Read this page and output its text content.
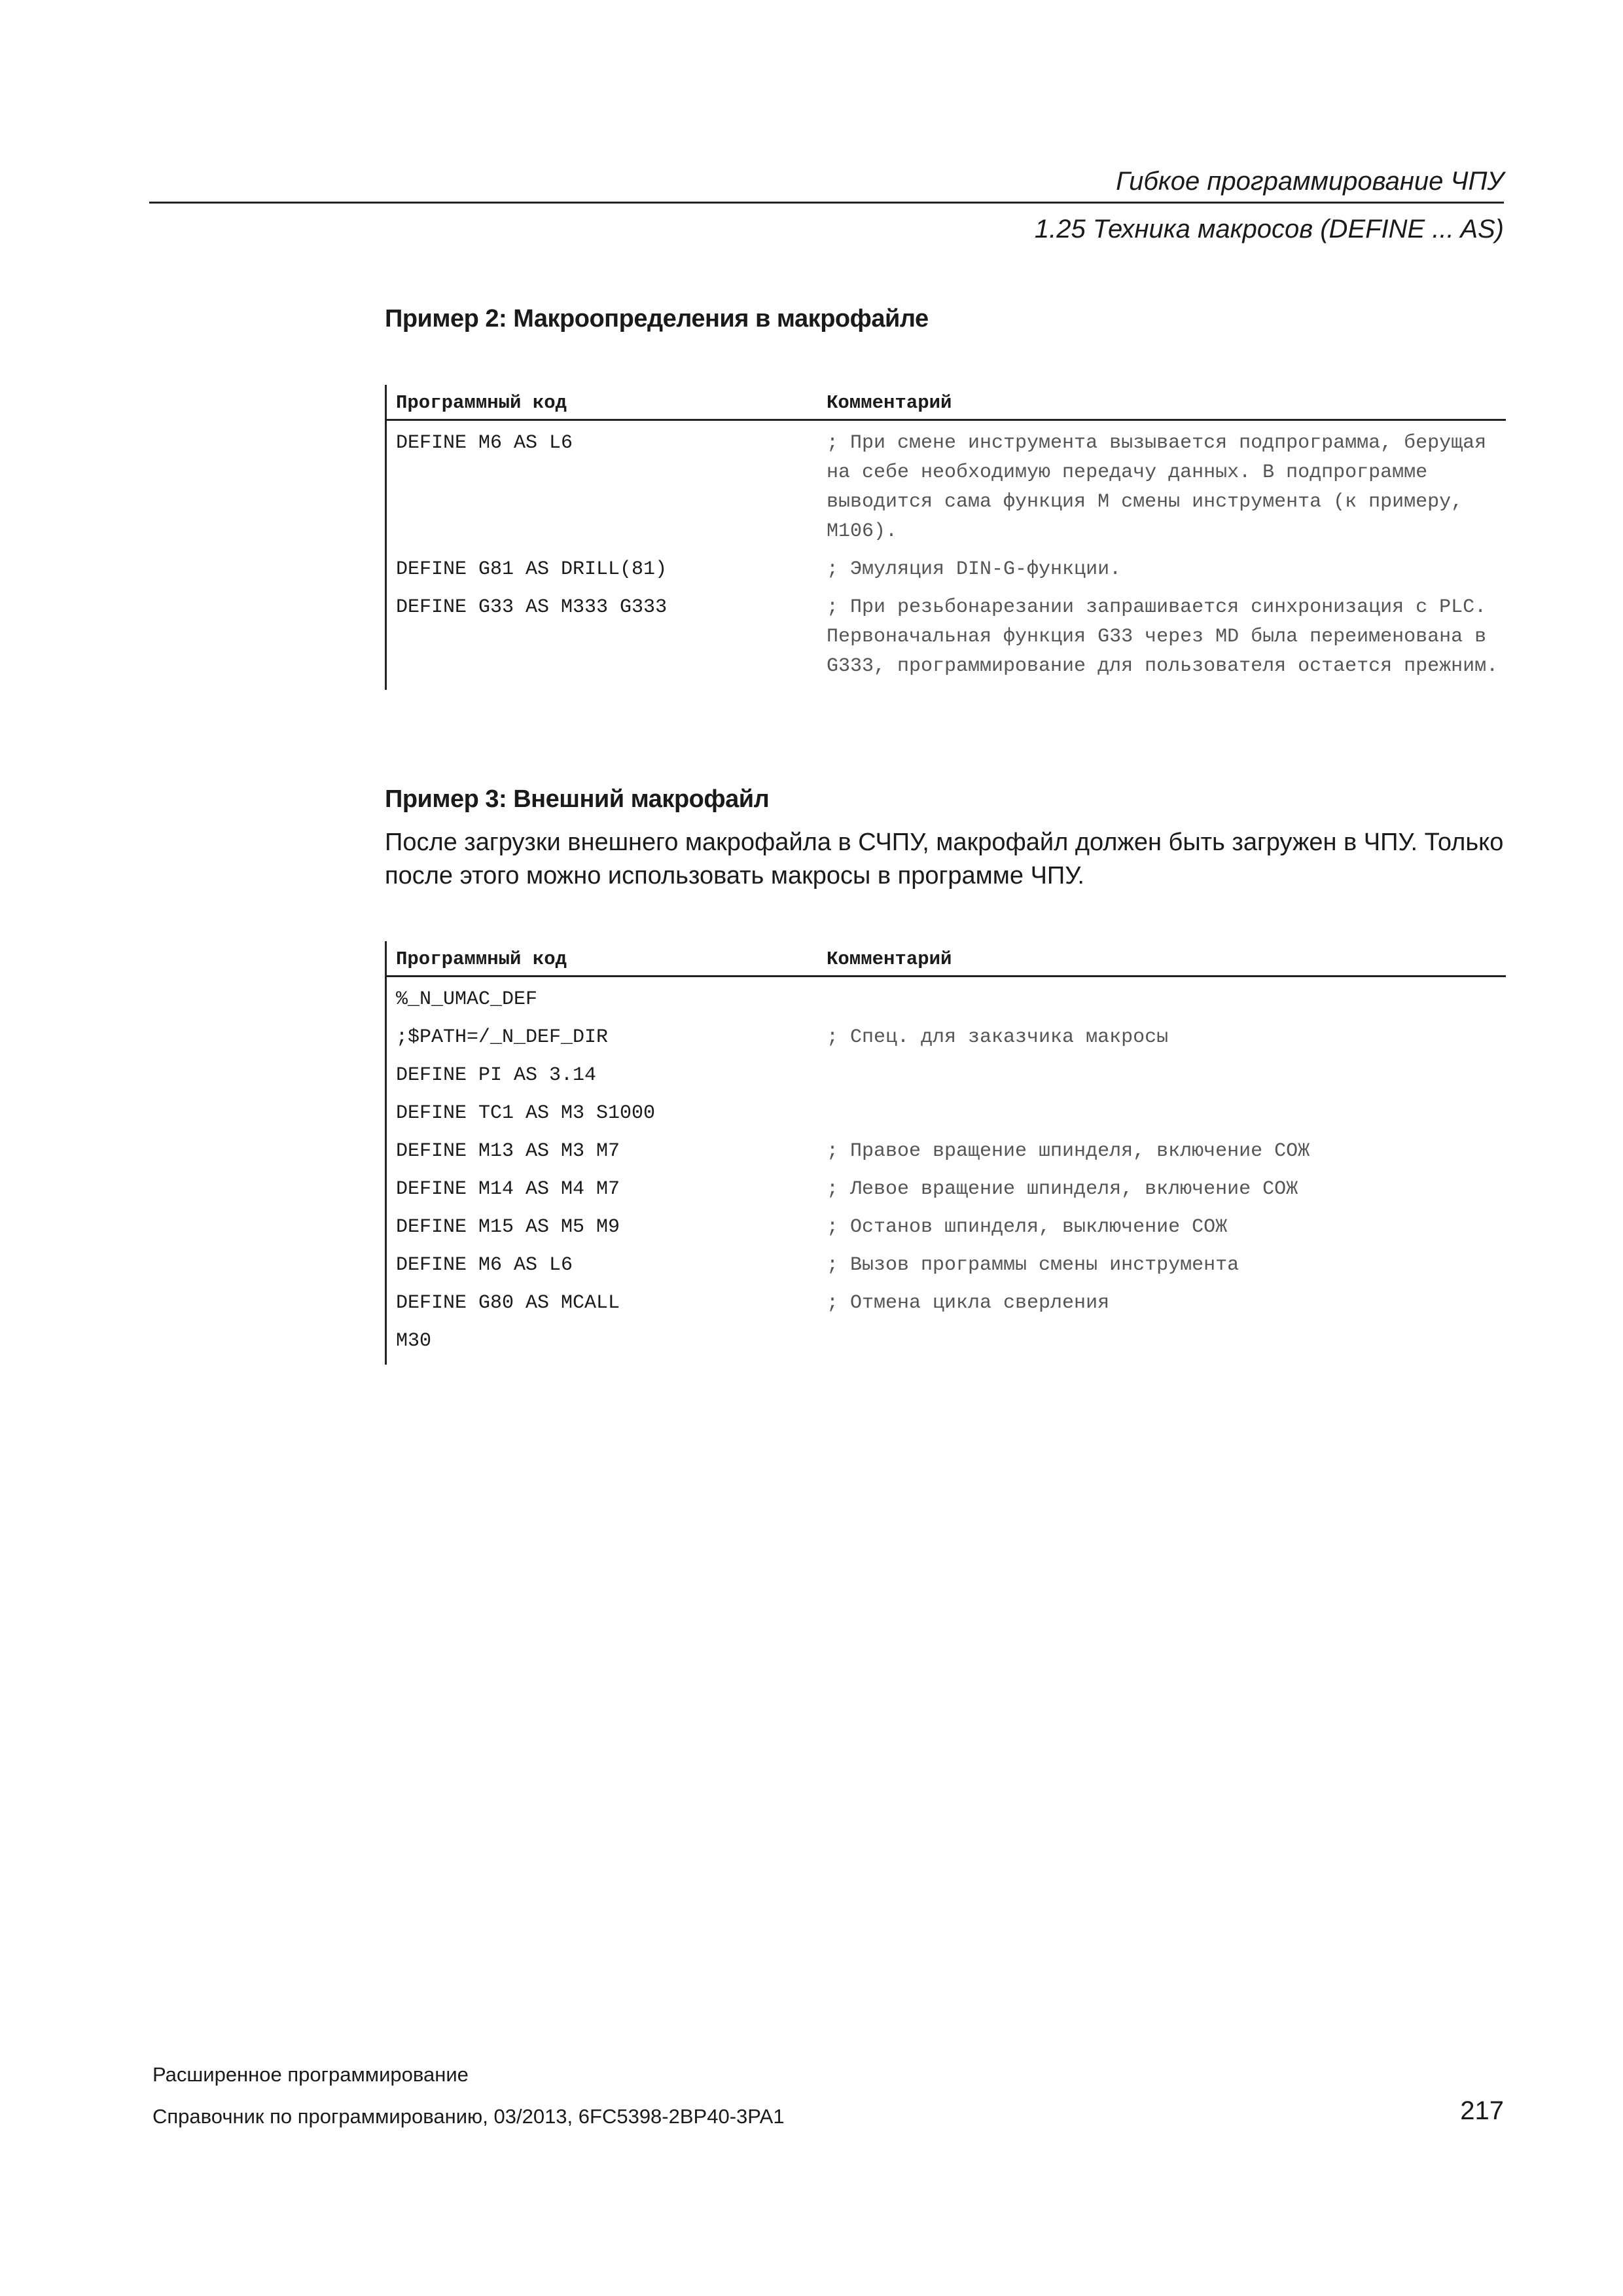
Гибкое программирование ЧПУ
1.25 Техника макросов (DEFINE ... AS)
Пример 2: Макроопределения в макрофайле
Программный код	Комментарий
DEFINE M6 AS L6	; При смене инструмента вызывается подпрограмма, берущая на себе необходимую передачу данных. В подпрограмме выводится сама функция M смены инструмента (к примеру, M106).
DEFINE G81 AS DRILL(81)	; Эмуляция DIN-G-функции.
DEFINE G33 AS M333 G333	; При резьбонарезании запрашивается синхронизация с PLC. Первоначальная функция G33 через MD была переименована в G333, программирование для пользователя остается прежним.
Пример 3: Внешний макрофайл
После загрузки внешнего макрофайла в СЧПУ, макрофайл должен быть загружен в ЧПУ. Только после этого можно использовать макросы в программе ЧПУ.
Программный код	Комментарий
%_N_UMAC_DEF
;$PATH=/_N_DEF_DIR	; Спец. для заказчика макросы
DEFINE PI AS 3.14
DEFINE TC1 AS M3 S1000
DEFINE M13 AS M3 M7	; Правое вращение шпинделя, включение СОЖ
DEFINE M14 AS M4 M7	; Левое вращение шпинделя, включение СОЖ
DEFINE M15 AS M5 M9	; Останов шпинделя, выключение СОЖ
DEFINE M6 AS L6	; Вызов программы смены инструмента
DEFINE G80 AS MCALL	; Отмена цикла сверления
M30
Расширенное программирование
Справочник по программированию, 03/2013, 6FC5398-2BP40-3PA1	217
